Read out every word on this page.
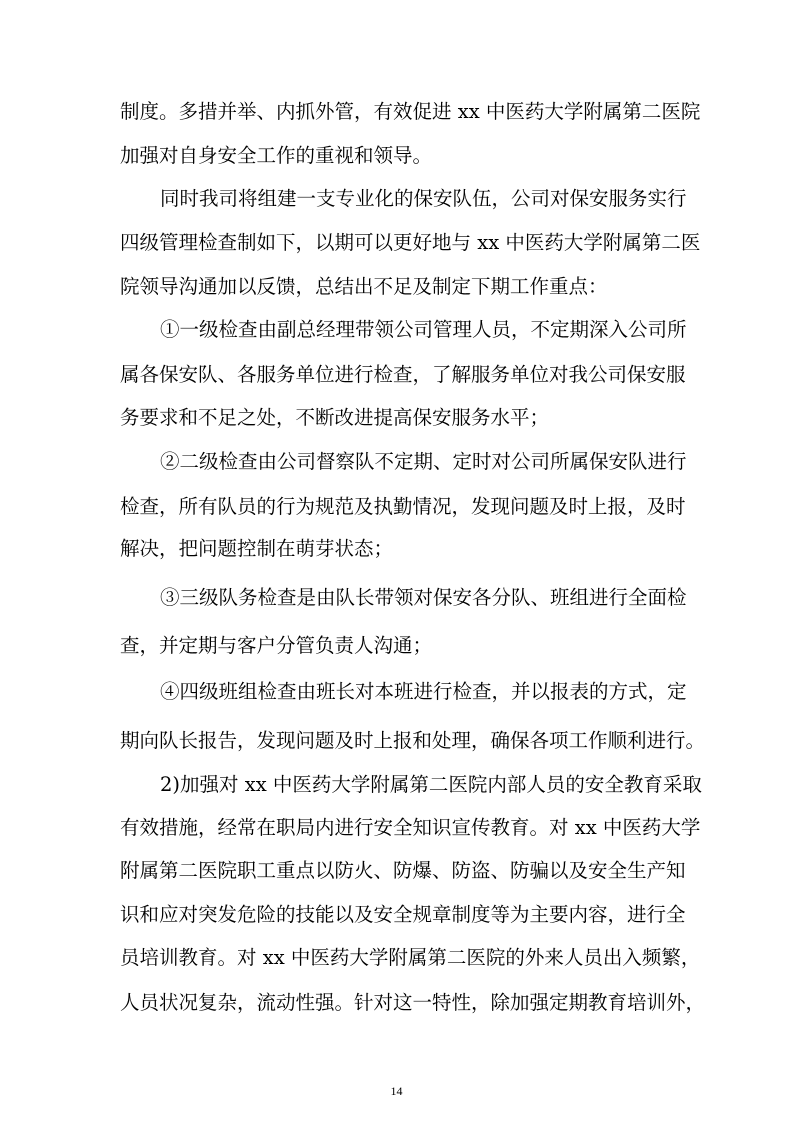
制度。多措并举、内抓外管，有效促进 xx 中医药大学附属第二医院
加强对自身安全工作的重视和领导。
同时我司将组建一支专业化的保安队伍，公司对保安服务实行
四级管理检查制如下，以期可以更好地与 xx 中医药大学附属第二医
院领导沟通加以反馈，总结出不足及制定下期工作重点：
①一级检查由副总经理带领公司管理人员，不定期深入公司所
属各保安队、各服务单位进行检查，了解服务单位对我公司保安服
务要求和不足之处，不断改进提高保安服务水平；
②二级检查由公司督察队不定期、定时对公司所属保安队进行
检查，所有队员的行为规范及执勤情况，发现问题及时上报，及时
解决，把问题控制在萌芽状态；
③三级队务检查是由队长带领对保安各分队、班组进行全面检
查，并定期与客户分管负责人沟通；
④四级班组检查由班长对本班进行检查，并以报表的方式，定
期向队长报告，发现问题及时上报和处理，确保各项工作顺利进行。
2)加强对 xx 中医药大学附属第二医院内部人员的安全教育采取
有效措施，经常在职局内进行安全知识宣传教育。对 xx 中医药大学
附属第二医院职工重点以防火、防爆、防盗、防骗以及安全生产知
识和应对突发危险的技能以及安全规章制度等为主要内容，进行全
员培训教育。对 xx 中医药大学附属第二医院的外来人员出入频繁，
人员状况复杂，流动性强。针对这一特性，除加强定期教育培训外，
14
